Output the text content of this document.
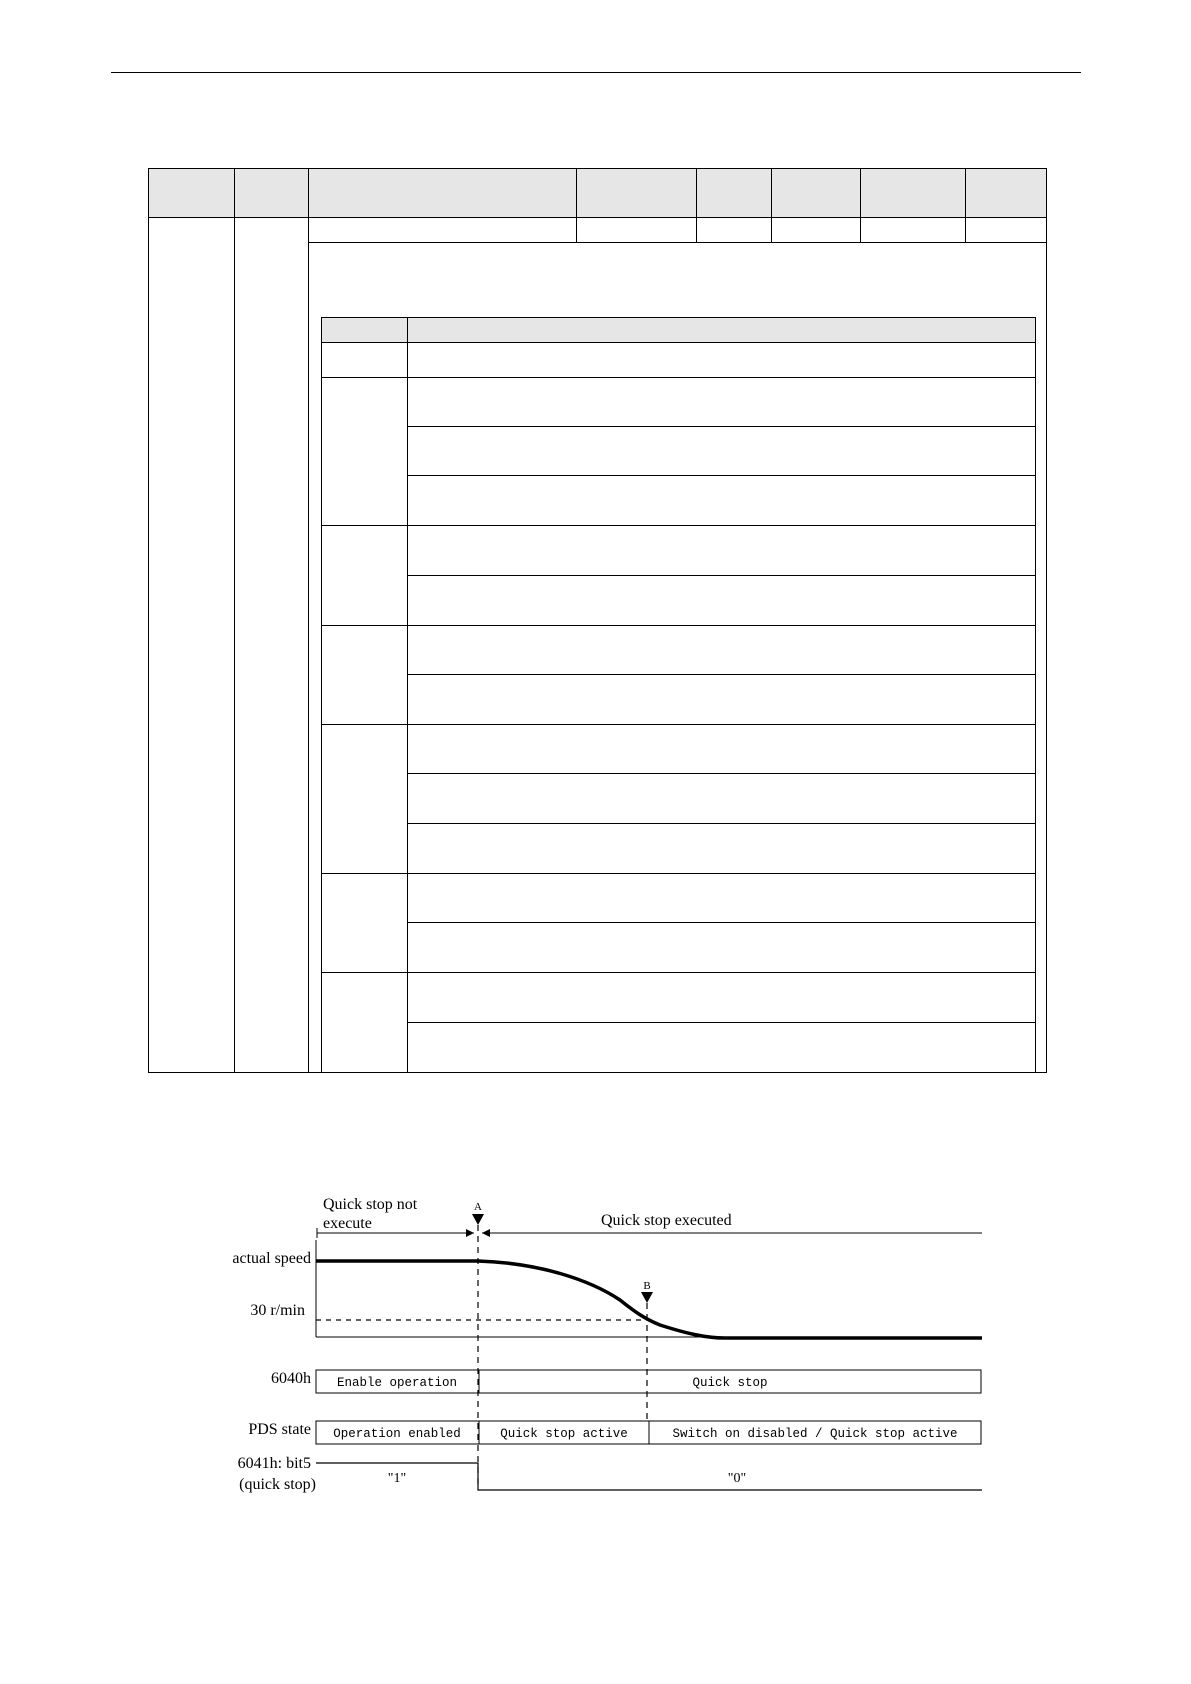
actual speed
30 r/min
6040h
PDS state
6041h: bit5
(quick stop)
Quick stop not
execute	Quick stop executed
A
B
Enable operation	Quick stop
Operation enabled	Quick stop active	Switch on disabled / Quick stop active
"1"	"0"
